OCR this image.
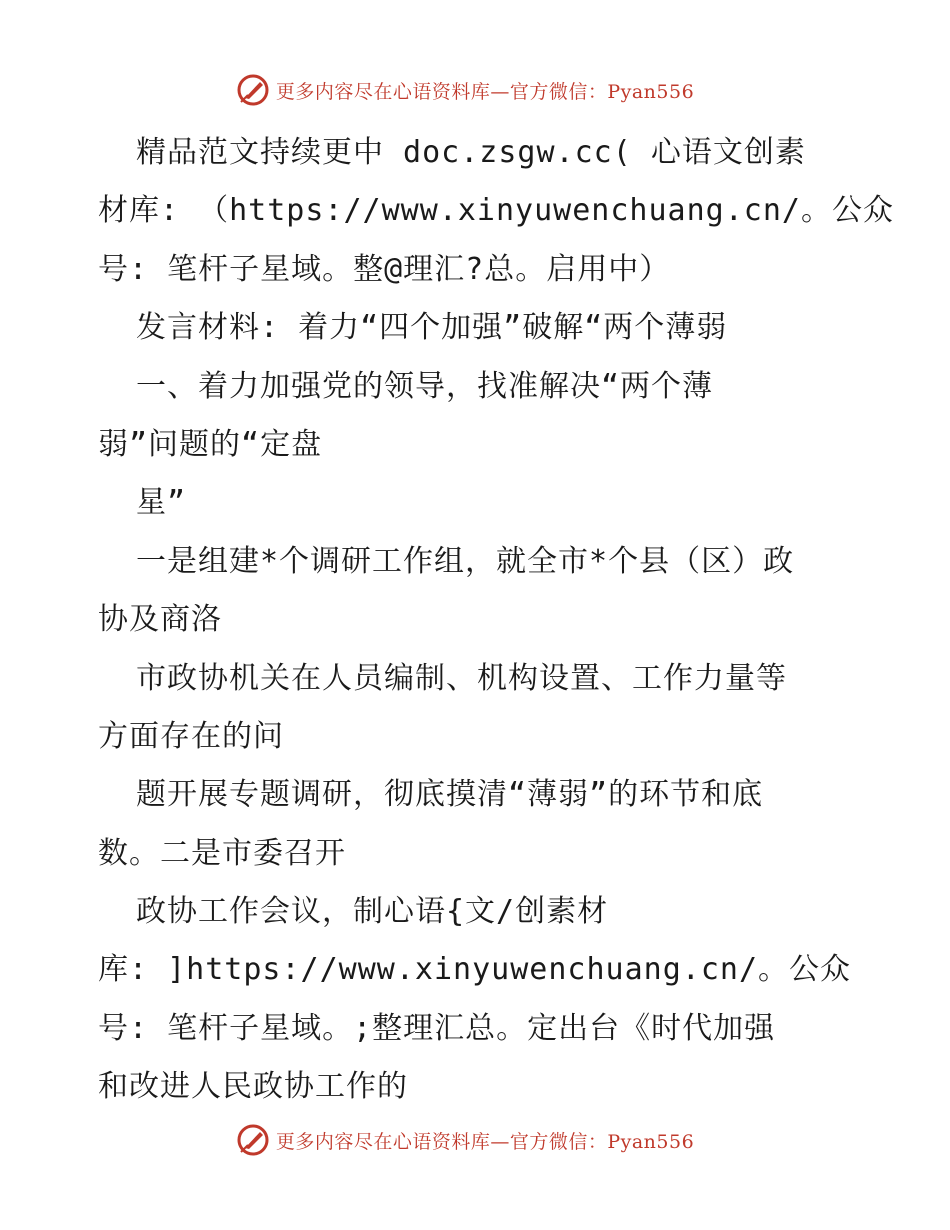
更多内容尽在心语资料库—官方微信：Pyan556
精品范文持续更中 doc.zsgw.cc( 心语文创素
材库: （https://www.xinyuwenchuang.cn/。公众
号: 笔杆子星域。整@理汇?总。启用中）
发言材料: 着力“四个加强”破解“两个薄弱
一、着力加强党的领导，找准解决“两个薄
弱”问题的“定盘
星”
一是组建*个调研工作组，就全市*个县（区）政
协及商洛
市政协机关在人员编制、机构设置、工作力量等
方面存在的问
题开展专题调研，彻底摸清“薄弱”的环节和底
数。二是市委召开
政协工作会议，制心语{文/创素材
库: ]https://www.xinyuwenchuang.cn/。公众
号: 笔杆子星域。;整理汇总。定出台《时代加强
和改进人民政协工作的
更多内容尽在心语资料库—官方微信：Pyan556
